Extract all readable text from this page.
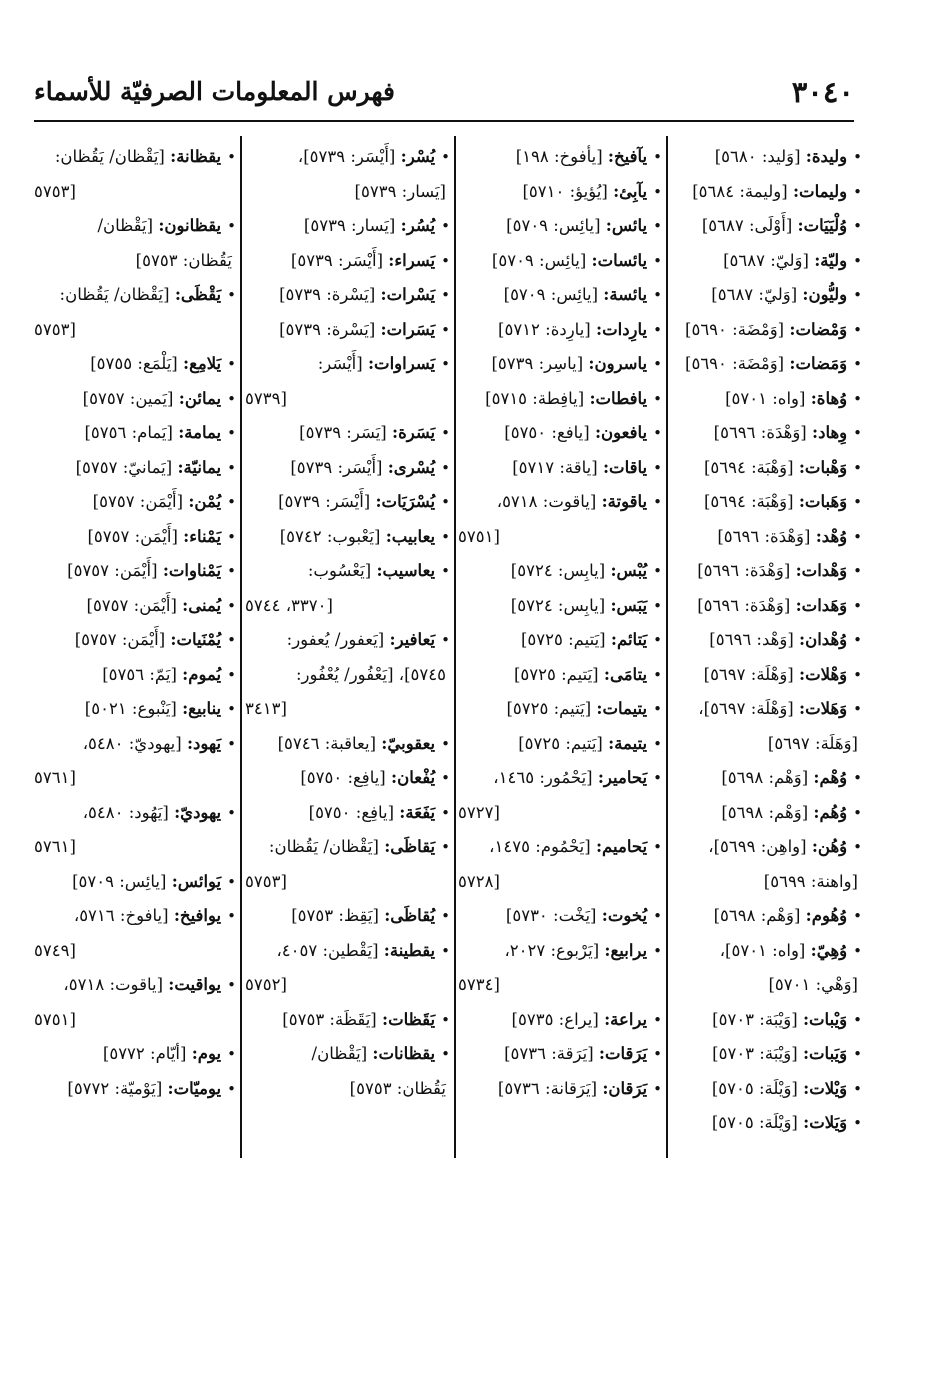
٣٠٤٠
فهرس المعلومات الصرفيّة للأسماء
•وليدة: [وَليد: ٥٦٨٠]
•وليمات: [وليمة: ٥٦٨٤]
•وُلْيَيَات: [أَوْلَى: ٥٦٨٧]
•وليّة: [وَليّ: ٥٦٨٧]
•وليُّون: [وَليّ: ٥٦٨٧]
•وَمْضات: [وَمْضَة: ٥٦٩٠]
•وَمَضات: [وَمْضَة: ٥٦٩٠]
•وُهاة: [واه: ٥٧٠١]
•وِهاد: [وَهْدَة: ٥٦٩٦]
•وَهْبات: [وَهْبَة: ٥٦٩٤]
•وَهَبات: [وَهْبَة: ٥٦٩٤]
•وُهْد: [وَهْدَة: ٥٦٩٦]
•وَهْدات: [وَهْدَة: ٥٦٩٦]
•وَهَدات: [وَهْدَة: ٥٦٩٦]
•وُهْدان: [وَهْد: ٥٦٩٦]
•وَهْلات: [وَهْلَة: ٥٦٩٧]
•وَهَلات: [وَهْلَة: ٥٦٩٧]،
[وَهَلَة: ٥٦٩٧]
•وُهْم: [وَهْم: ٥٦٩٨]
•وُهُم: [وَهْم: ٥٦٩٨]
•وُهُن: [واهِن: ٥٦٩٩]،
[واهنة: ٥٦٩٩]
•وُهُوم: [وَهْم: ٥٦٩٨]
•وُهِيّ: [واه: ٥٧٠١]،
[وَهْي: ٥٧٠١]
•وَيْبات: [وَيْبَة: ٥٧٠٣]
•وَيَبات: [وَيْبَة: ٥٧٠٣]
•وَيْلات: [وَيْلَة: ٥٧٠٥]
•وَيَلات: [وَيْلَة: ٥٧٠٥]
•يآفيخ: [يأفوخ: ١٩٨]
•يآبِئ: [يُؤيؤ: ٥٧١٠]
•يائس: [يائِس: ٥٧٠٩]
•يائسات: [يائِس: ٥٧٠٩]
•يائسة: [يائِس: ٥٧٠٩]
•يارِدات: [يارِدة: ٥٧١٢]
•ياسرون: [ياسِر: ٥٧٣٩]
•يافطات: [يافِطة: ٥٧١٥]
•يافعون: [يافع: ٥٧٥٠]
•ياقات: [ياقة: ٥٧١٧]
•ياقوتة: [ياقوت: ٥٧١٨،
٥٧٥١]
•يُبْس: [يابِس: ٥٧٢٤]
•يَبَس: [يابِس: ٥٧٢٤]
•يَتائم: [يَتيم: ٥٧٢٥]
•يتامَى: [يَتيم: ٥٧٢٥]
•يتيمات: [يَتيم: ٥٧٢٥]
•يتيمة: [يَتيم: ٥٧٢٥]
•يَحامير: [يَحْمُور: ١٤٦٥،
٥٧٢٧]
•يَحاميم: [يَحْمُوم: ١٤٧٥،
٥٧٢٨]
•يُخوت: [يَخْت: ٥٧٣٠]
•يرابيع: [يَرْبوع: ٢٠٢٧،
٥٧٣٤]
•يراعة: [يراع: ٥٧٣٥]
•يَرَقات: [يَرَقة: ٥٧٣٦]
•يَرَقان: [يَرَقانة: ٥٧٣٦]
•يُسْر: [أَيْسَر: ٥٧٣٩]،
[يَسار: ٥٧٣٩]
•يُسُر: [يَسار: ٥٧٣٩]
•يَسراء: [أَيْسَر: ٥٧٣٩]
•يَسْرات: [يَسْرة: ٥٧٣٩]
•يَسَرات: [يَسْرة: ٥٧٣٩]
•يَسراوات: [أَيْسَر:
٥٧٣٩]
•يَسَرة: [يَسَر: ٥٧٣٩]
•يُسْرى: [أَيْسَر: ٥٧٣٩]
•يُسْرَيَات: [أَيْسَر: ٥٧٣٩]
•يعابيب: [يَعْبوب: ٥٧٤٢]
•يعاسيب: [يَعْسُوب:
٣٣٧٠، ٥٧٤٤]
•يَعافير: [يَعفور/ يُعفور:
٥٧٤٥]، [يَعْفُور/ يُعْفُور:
٣٤١٣]
•يعقوبيّ: [يعاقبة: ٥٧٤٦]
•يُفْعان: [يافِع: ٥٧٥٠]
•يَفَعَة: [يافِع: ٥٧٥٠]
•يَقاظَى: [يَقْظان/ يَقُظان:
٥٧٥٣]
•يُقاظَى: [يَقِظ: ٥٧٥٣]
•يقطينة: [يَقْطين: ٤٠٥٧،
٥٧٥٢]
•يَقَظات: [يَقَظَة: ٥٧٥٣]
•يقظانات: [يَقْظان/
يَقُظان: ٥٧٥٣]
•يقظانة: [يَقْظان/ يَقُظان:
٥٧٥٣]
•يقظانون: [يَقْظان/
يَقُظان: ٥٧٥٣]
•يَقْظَى: [يَقْظان/ يَقُظان:
٥٧٥٣]
•يَلامِع: [يَلْمَع: ٥٧٥٥]
•يمائن: [يَمين: ٥٧٥٧]
•يمامة: [يَمام: ٥٧٥٦]
•يمانيّة: [يَمانيّ: ٥٧٥٧]
•يُمْن: [أَيْمَن: ٥٧٥٧]
•يَمْناء: [أَيْمَن: ٥٧٥٧]
•يَمْناوات: [أَيْمَن: ٥٧٥٧]
•يُمنى: [أَيْمَن: ٥٧٥٧]
•يُمْنَيات: [أَيْمَن: ٥٧٥٧]
•يُموم: [يَمّ: ٥٧٥٦]
•ينابيع: [يَنْبوع: ٥٠٢١]
•يَهود: [يهوديّ: ٥٤٨٠،
٥٧٦١]
•يهوديّ: [يَهُود: ٥٤٨٠،
٥٧٦١]
•يَوائس: [يائِس: ٥٧٠٩]
•يوافيخ: [يافوخ: ٥٧١٦،
٥٧٤٩]
•يواقيت: [ياقوت: ٥٧١٨،
٥٧٥١]
•يوم: [أيّام: ٥٧٧٢]
•يوميّات: [يَوْميّة: ٥٧٧٢]
